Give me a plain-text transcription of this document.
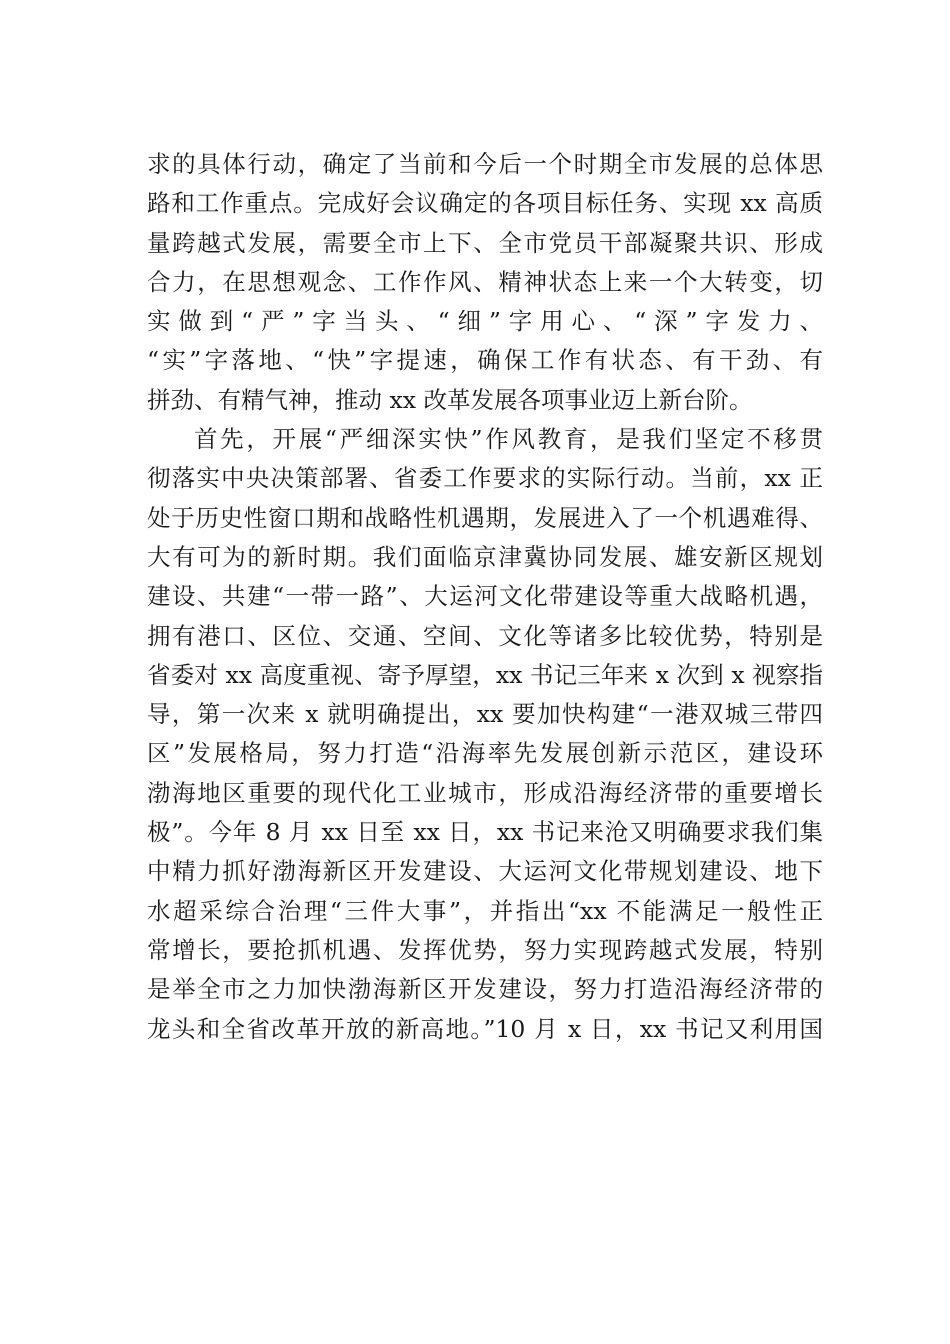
求的具体行动，确定了当前和今后一个时期全市发展的总体思
路和工作重点。完成好会议确定的各项目标任务、实现 xx 高质
量跨越式发展，需要全市上下、全市党员干部凝聚共识、形成
合力，在思想观念、工作作风、精神状态上来一个大转变，切
实做到“严”字当头、“细”字用心、“深”字发力、
“实”字落地、“快”字提速，确保工作有状态、有干劲、有
拼劲、有精气神，推动 xx 改革发展各项事业迈上新台阶。
首先，开展“严细深实快”作风教育，是我们坚定不移贯
彻落实中央决策部署、省委工作要求的实际行动。当前，xx 正
处于历史性窗口期和战略性机遇期，发展进入了一个机遇难得、
大有可为的新时期。我们面临京津冀协同发展、雄安新区规划
建设、共建“一带一路”、大运河文化带建设等重大战略机遇，
拥有港口、区位、交通、空间、文化等诸多比较优势，特别是
省委对 xx 高度重视、寄予厚望，xx 书记三年来 x 次到 x 视察指
导，第一次来 x 就明确提出，xx 要加快构建“一港双城三带四
区”发展格局，努力打造“沿海率先发展创新示范区，建设环
渤海地区重要的现代化工业城市，形成沿海经济带的重要增长
极”。今年 8 月 xx 日至 xx 日，xx 书记来沧又明确要求我们集
中精力抓好渤海新区开发建设、大运河文化带规划建设、地下
水超采综合治理“三件大事”，并指出“xx 不能满足一般性正
常增长，要抢抓机遇、发挥优势，努力实现跨越式发展，特别
是举全市之力加快渤海新区开发建设，努力打造沿海经济带的
龙头和全省改革开放的新高地。”10 月 x 日，xx 书记又利用国
